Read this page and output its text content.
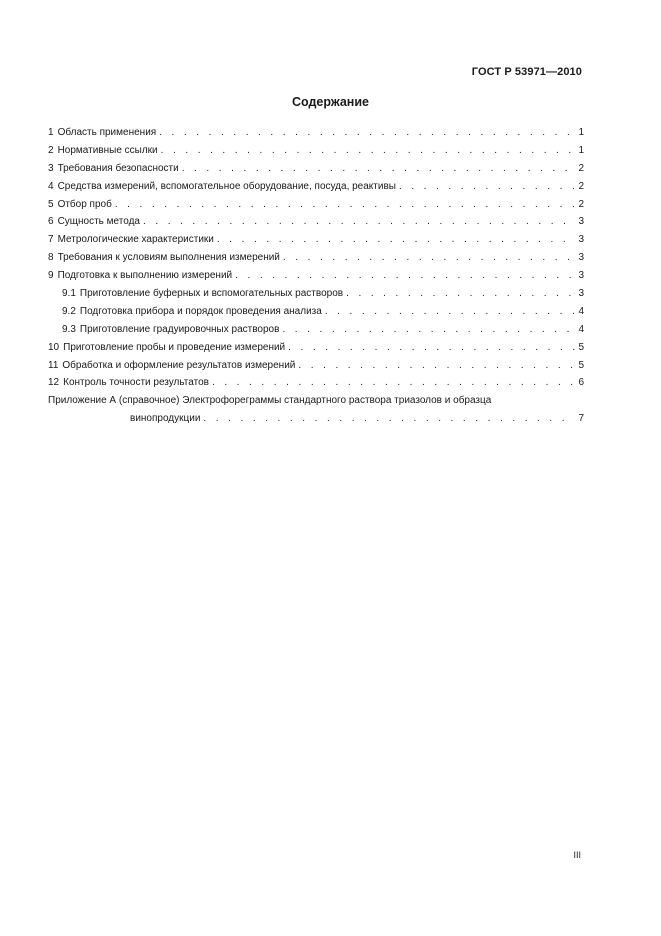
ГОСТ Р 53971—2010
Содержание
1 Область применения . . .	1
2 Нормативные ссылки . . .	1
3 Требования безопасности . . .	2
4 Средства измерений, вспомогательное оборудование, посуда, реактивы . . .	2
5 Отбор проб . . .	2
6 Сущность метода . . .	3
7 Метрологические характеристики . . .	3
8 Требования к условиям выполнения измерений . . .	3
9 Подготовка к выполнению измерений . . .	3
9.1 Приготовление буферных и вспомогательных растворов . . .	3
9.2 Подготовка прибора и порядок проведения анализа . . .	4
9.3 Приготовление градуировочных растворов . . .	4
10 Приготовление пробы и проведение измерений . . .	5
11 Обработка и оформление результатов измерений . . .	5
12 Контроль точности результатов . . .	6
Приложение А (справочное) Электрофореграммы стандартного раствора триазолов и образца
винопродукции . . .	7
III
